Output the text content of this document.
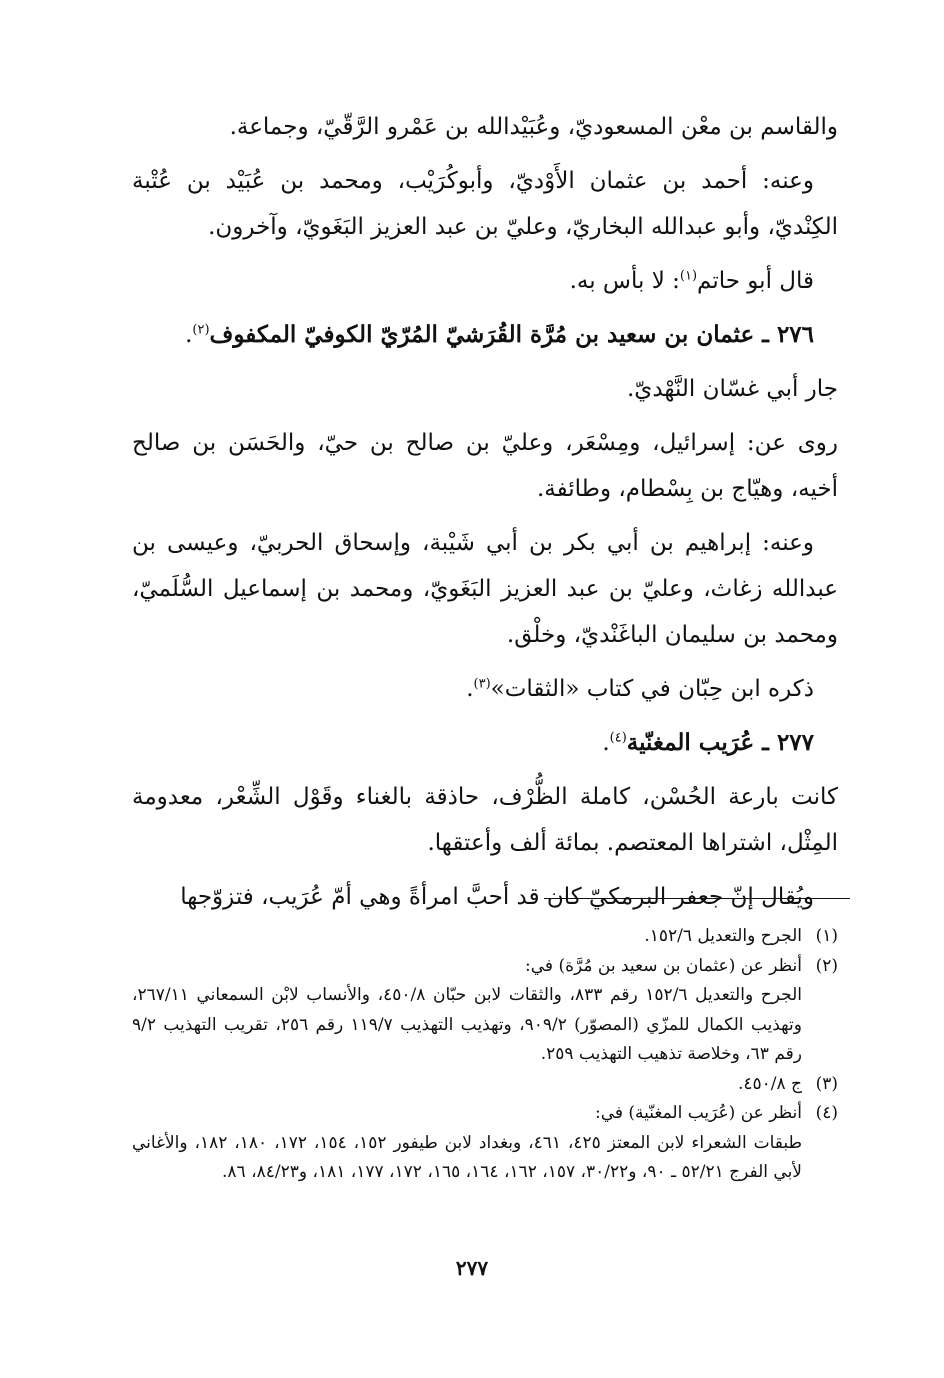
والقاسم بن معْن المسعوديّ، وعُبَيْدالله بن عَمْرو الرَّقّيّ، وجماعة.

وعنه: أحمد بن عثمان الأَوْديّ، وأبوكُرَيْب، ومحمد بن عُبَيْد بن عُتْبة الكِنْديّ، وأبو عبدالله البخاريّ، وعليّ بن عبد العزيز البَغَويّ، وآخرون.

قال أبو حاتم$^{(١)}$: لا بأس به.

٢٧٦ ـ عثمان بن سعيد بن مُرَّة القُرَشيّ المُرّيّ الكوفيّ المكفوف$^{(٢)}$.

جار أبي غسّان النَّهْديّ.

روى عن: إسرائيل، ومِسْعَر، وعليّ بن صالح بن حيّ، والحَسَن بن صالح أخيه، وهيّاج بن بِسْطام، وطائفة.

وعنه: إبراهيم بن أبي بكر بن أبي شَيْبة، وإسحاق الحربيّ، وعيسى بن عبدالله زغاث، وعليّ بن عبد العزيز البَغَويّ، ومحمد بن إسماعيل السُّلَميّ، ومحمد بن سليمان الباغَنْديّ، وخلْق.

ذكره ابن حِبّان في كتاب «الثقات»$^{(٣)}$.

٢٧٧ ـ عُرَيب المغنّية$^{(٤)}$.

كانت بارعة الحُسْن، كاملة الظُّرْف، حاذقة بالغناء وقَوْل الشِّعْر، معدومة المِثْل، اشتراها المعتصم. بمائة ألف وأعتقها.

ويُقال إنّ جعفر البرمكيّ كان قد أحبَّ امرأةً وهي أمّ عُرَيب، فتزوّجها

(١)
الجرح والتعديل ١٥٢/٦.
(٢)
أنظر عن (عثمان بن سعيد بن مُرَّة) في:
الجرح والتعديل ١٥٢/٦ رقم ٨٣٣، والثقات لابن حبّان ٤٥٠/٨، والأنساب لابْن السمعاني ٢٦٧/١١، وتهذيب الكمال للمزّي (المصوّر) ٩٠٩/٢، وتهذيب التهذيب ١١٩/٧ رقم ٢٥٦، تقريب التهذيب ٩/٢ رقم ٦٣، وخلاصة تذهيب التهذيب ٢٥٩.
(٣)
ج ٤٥٠/٨.
(٤)
أنظر عن (عُرَيب المغنّية) في:
طبقات الشعراء لابن المعتز ٤٢٥، ٤٦١، وبغداد لابن طيفور ١٥٢، ١٥٤، ١٧٢، ١٨٠، ١٨٢، والأغاني لأبي الفرج ٥٢/٢١ ـ ٩٠، و٣٠/٢٢، ١٥٧، ١٦٢، ١٦٤، ١٦٥، ١٧٢، ١٧٧، ١٨١، و٨٤/٢٣، ٨٦.
٢٧٧
